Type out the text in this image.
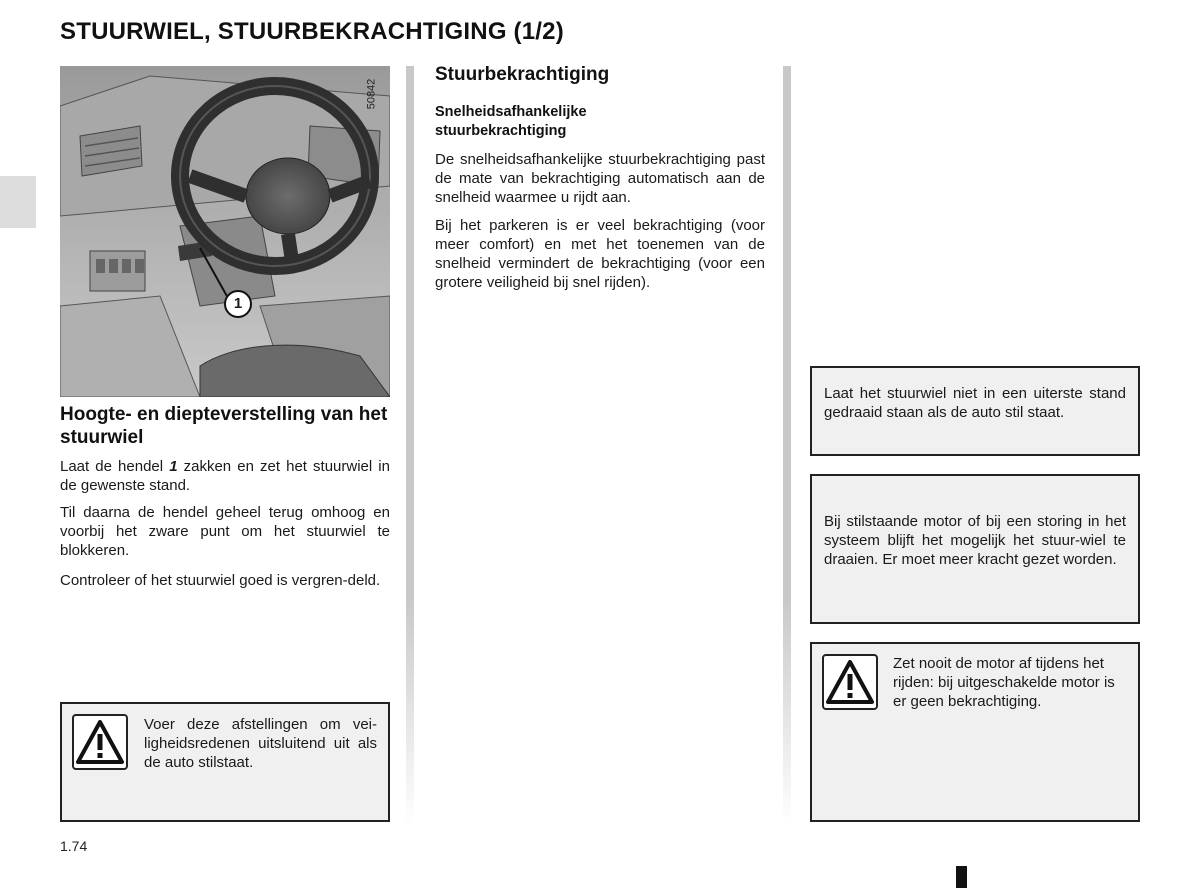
STUURWIEL, STUURBEKRACHTIGING (1/2)
50842
1
Hoogte- en diepteverstelling van het stuurwiel

Laat de hendel 1 zakken en zet het stuurwiel in de gewenste stand.

Til daarna de hendel geheel terug omhoog en voorbij het zware punt om het stuurwiel te blokkeren.

Controleer of het stuurwiel goed is vergren-deld.

Voer deze afstellingen om vei-ligheidsredenen uitsluitend uit als de auto stilstaat.

Stuurbekrachtiging
Snelheidsafhankelijke stuurbekrachtiging

De snelheidsafhankelijke stuurbekrachtiging past de mate van bekrachtiging automatisch aan de snelheid waarmee u rijdt aan.

Bij het parkeren is er veel bekrachtiging (voor meer comfort) en met het toenemen van de snelheid vermindert de bekrachtiging (voor een grotere veiligheid bij snel rijden).

Laat het stuurwiel niet in een uiterste stand gedraaid staan als de auto stil staat.

Bij stilstaande motor of bij een storing in het systeem blijft het mogelijk het stuur-wiel te draaien. Er moet meer kracht gezet worden.

Zet nooit de motor af tijdens het rijden: bij uitgeschakelde motor is er geen bekrachtiging.

1.74
